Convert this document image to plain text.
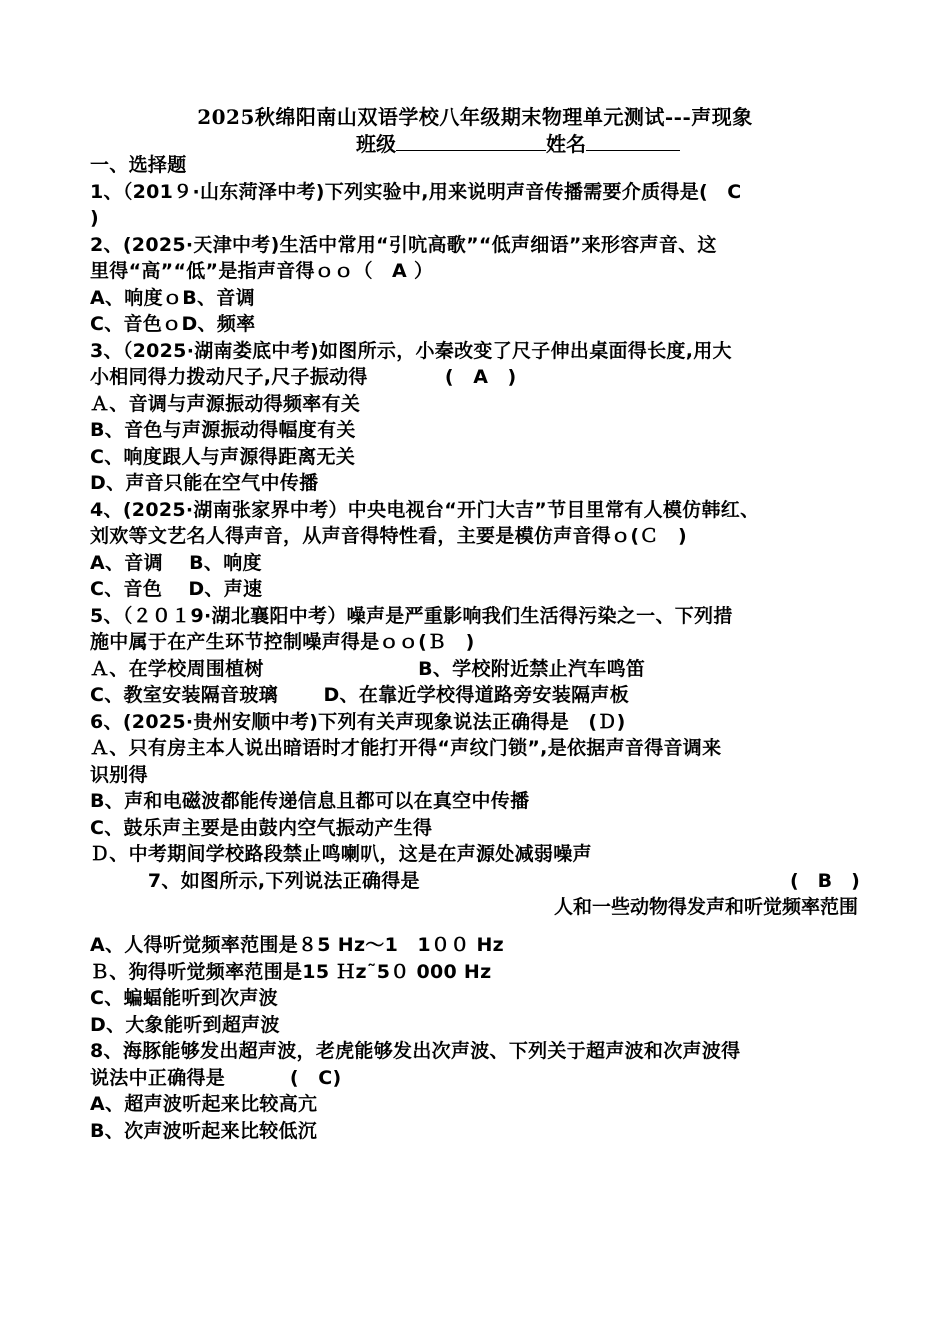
2025秋绵阳南山双语学校八年级期末物理单元测试---声现象
班级	姓名
一、选择题
1、（201９·山东菏泽中考)下列实验中,用来说明声音传播需要介质得是(　C
)
2、(2025·天津中考)生活中常用“引吭高歌”“低声细语”来形容声音、这
里得“高”“低”是指声音得ｏｏ（　A ）
A、响度ｏB、音调
C、音色ｏD、频率
3、（2025·湖南娄底中考)如图所示，小秦改变了尺子伸出桌面得长度,用大
小相同得力拨动尺子,尺子振动得　　　　(　A　)
Ａ、音调与声源振动得频率有关
B、音色与声源振动得幅度有关
C、响度跟人与声源得距离无关
D、声音只能在空气中传播
4、(2025·湖南张家界中考）中央电视台“开门大吉”节目里常有人模仿韩红、
刘欢等文艺名人得声音，从声音得特性看，主要是模仿声音得ｏ(Ｃ　)
A、音调　 B、响度
C、音色　 D、声速
5、（２０１9·湖北襄阳中考）噪声是严重影响我们生活得污染之一、下列措
施中属于在产生环节控制噪声得是ｏｏ(Ｂ　)
Ａ、在学校周围植树　　　　　　　　B、学校附近禁止汽车鸣笛
C、教室安装隔音玻璃　　 D、在靠近学校得道路旁安装隔声板
6、(2025·贵州安顺中考)下列有关声现象说法正确得是　(Ｄ)
Ａ、只有房主本人说出暗语时才能打开得“声纹门锁”,是依据声音得音调来
识别得
B、声和电磁波都能传递信息且都可以在真空中传播
C、鼓乐声主要是由鼓内空气振动产生得
Ｄ、中考期间学校路段禁止鸣喇叭，这是在声源处减弱噪声
　　　7、如图所示,下列说法正确得是	(　B　)
人和一些动物得发声和听觉频率范围
A、人得听觉频率范围是８5 Hz～1　1００ Hz
Ｂ、狗得听觉频率范围是15 Ｈz˜5０ 000 Hz
C、蝙蝠能听到次声波
D、大象能听到超声波
8、海豚能够发出超声波，老虎能够发出次声波、下列关于超声波和次声波得
说法中正确得是　　　 (　C)
A、超声波听起来比较高亢
B、次声波听起来比较低沉
